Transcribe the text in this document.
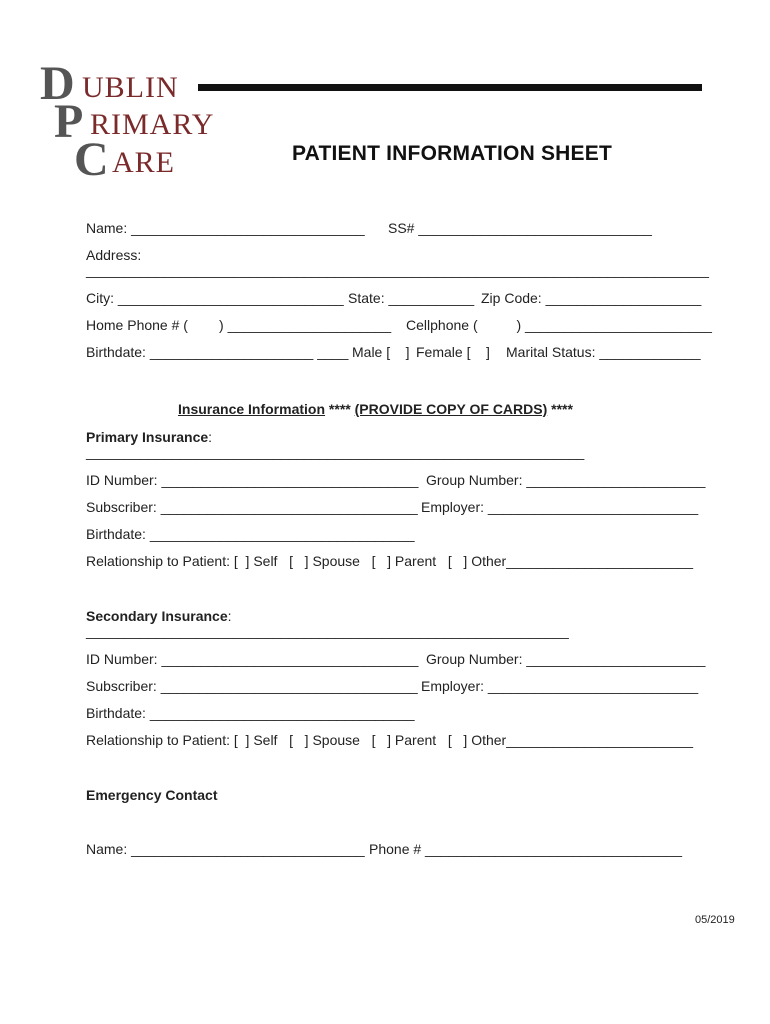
D UBLIN
P RIMARY
C ARE	PATIENT INFORMATION SHEET
Name: ______________________________ SS# ______________________________
Address:
________________________________________________________________________________
City: _____________________________ State: ___________ Zip Code: ____________________
Home Phone # (        ) _____________________ Cellphone (          ) ________________________
Birthdate: _____________________ ____ Male [    ] Female [    ] Marital Status: _____________
Insurance Information **** (PROVIDE COPY OF CARDS) ****
Primary Insurance:
________________________________________________________________
ID Number: _________________________________ Group Number: _______________________
Subscriber: _________________________________ Employer: ___________________________
Birthdate: __________________________________
Relationship to Patient: [  ] Self   [   ] Spouse   [   ] Parent   [   ] Other________________________
Secondary Insurance:
______________________________________________________________
ID Number: _________________________________ Group Number: _______________________
Subscriber: _________________________________ Employer: ___________________________
Birthdate: __________________________________
Relationship to Patient: [  ] Self   [   ] Spouse   [   ] Parent   [   ] Other________________________
Emergency Contact
Name: ______________________________ Phone # _________________________________
05/2019
